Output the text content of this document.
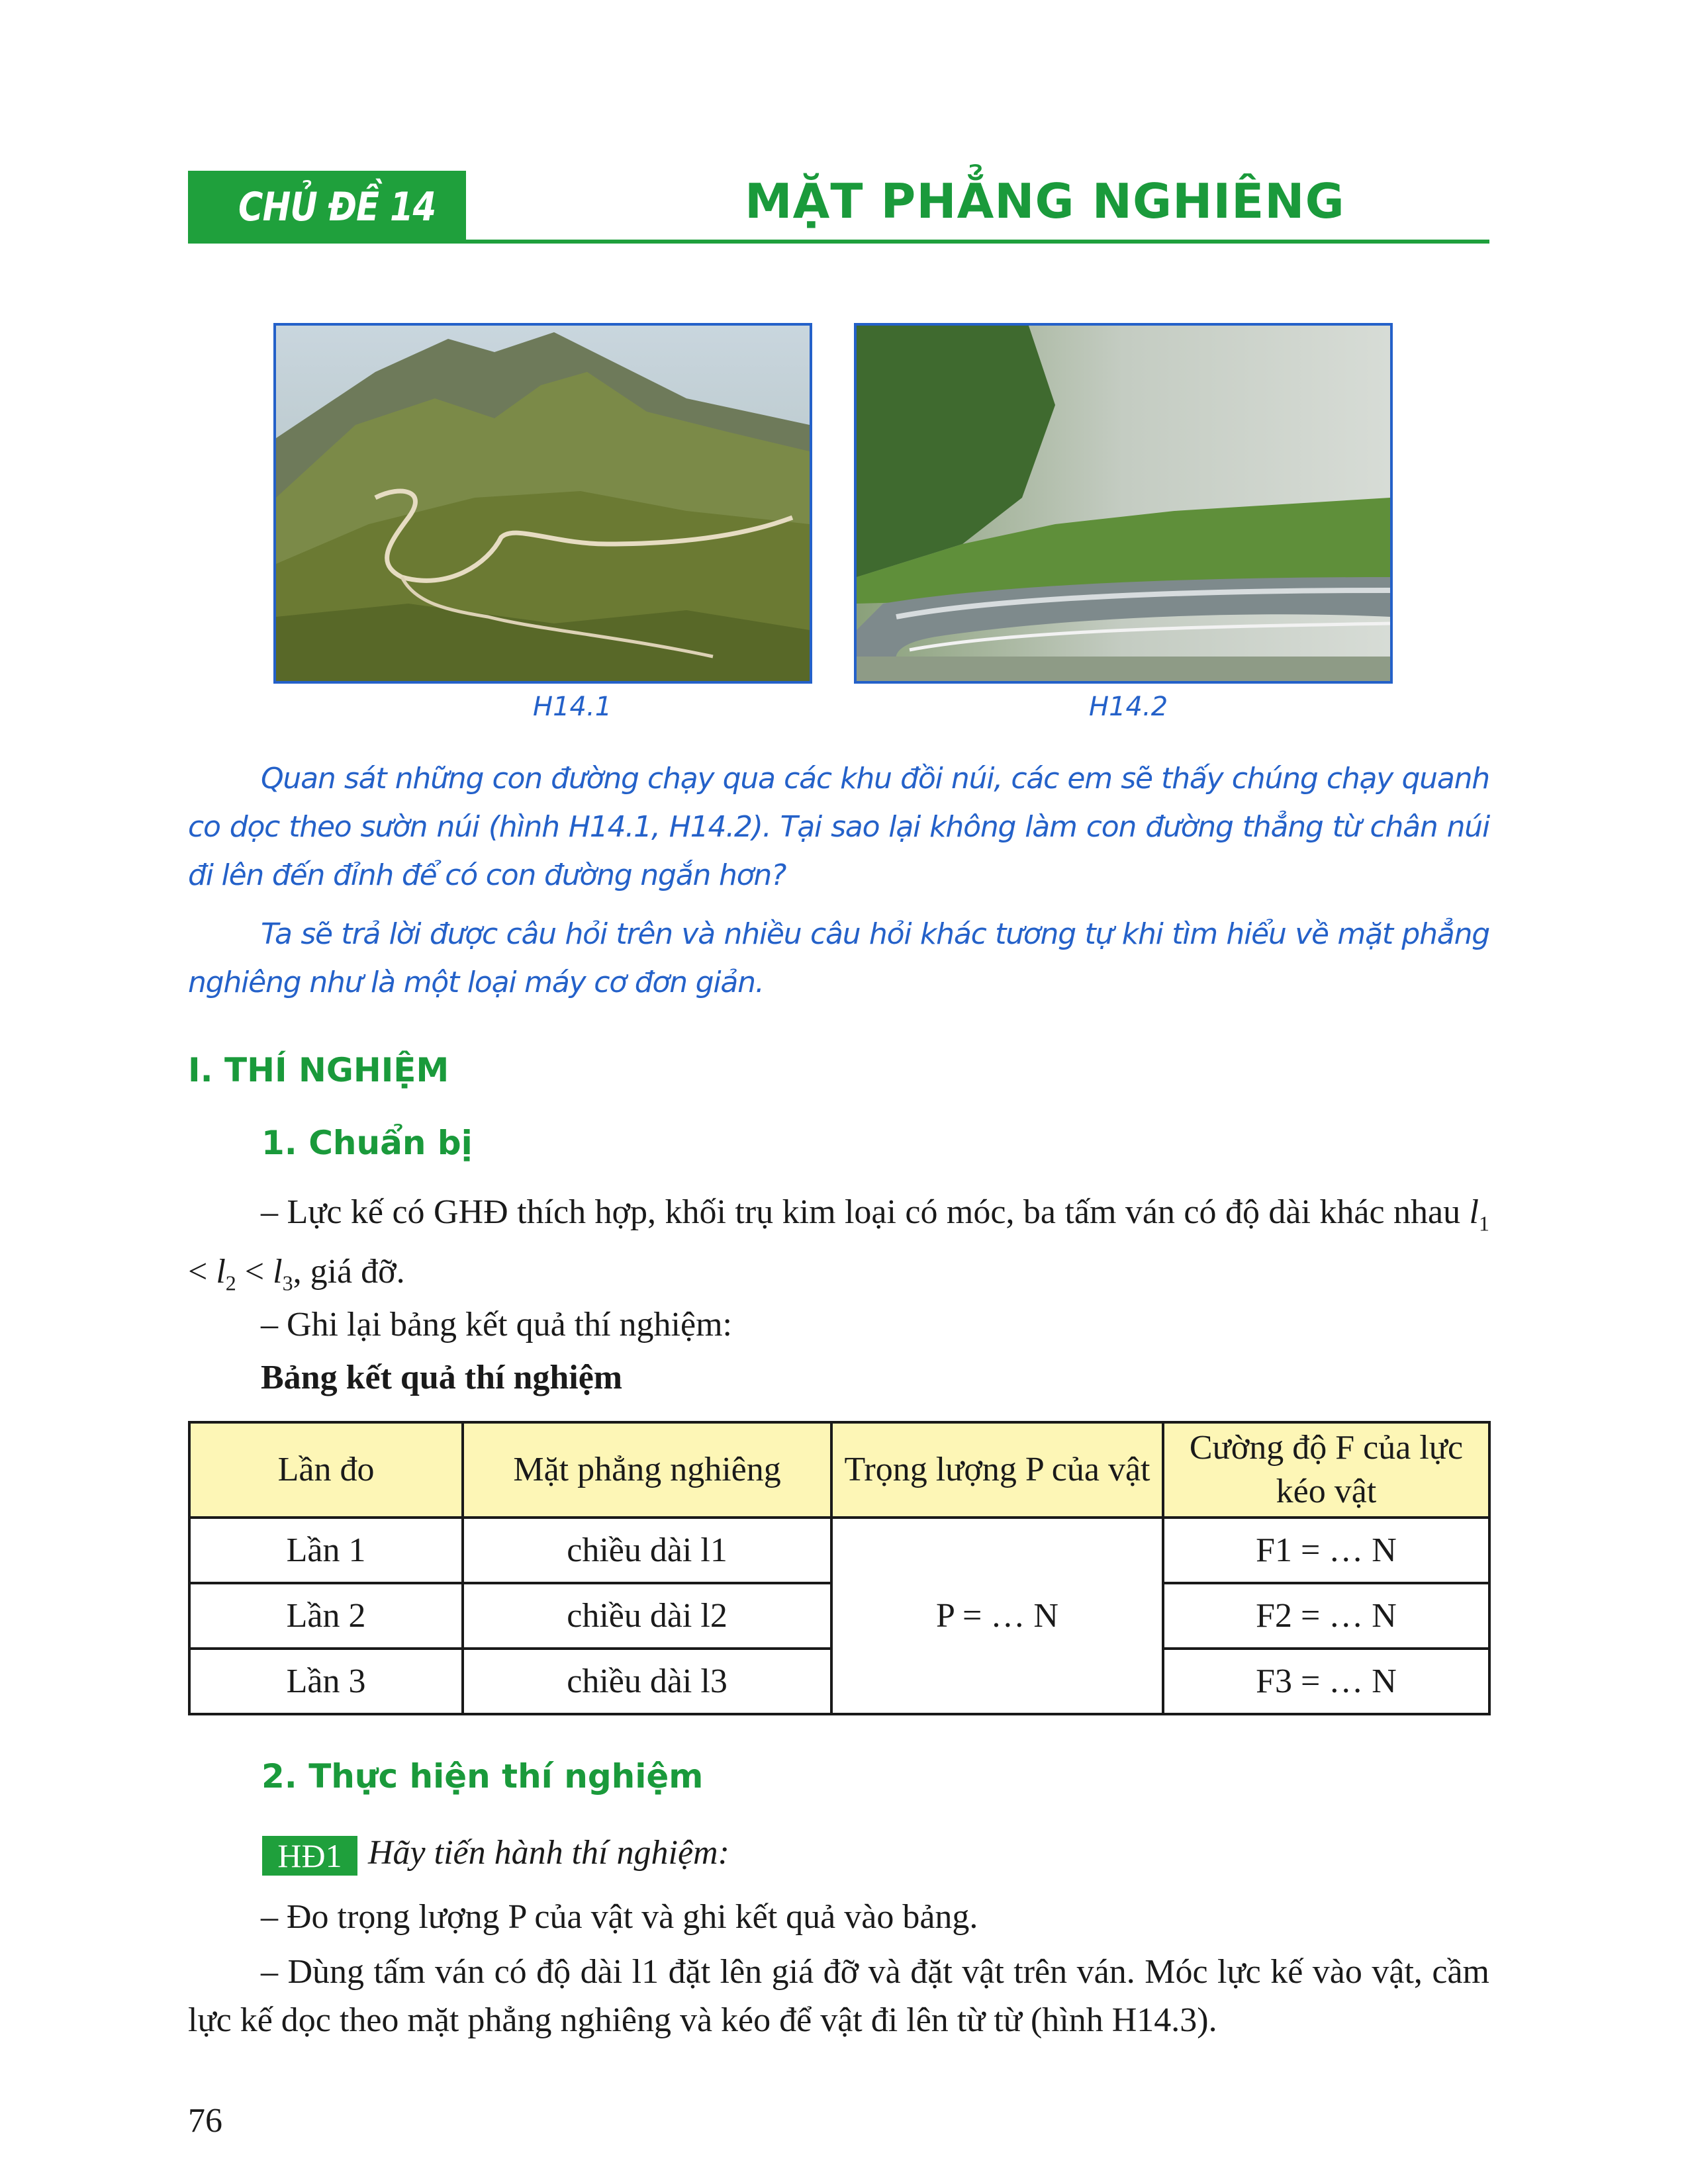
CHỦ ĐỀ 14	MẶT PHẲNG NGHIÊNG
H14.1	H14.2

Quan sát những con đường chạy qua các khu đồi núi, các em sẽ thấy chúng chạy quanh co dọc theo sườn núi (hình H14.1, H14.2). Tại sao lại không làm con đường thẳng từ chân núi đi lên đến đỉnh để có con đường ngắn hơn?

Ta sẽ trả lời được câu hỏi trên và nhiều câu hỏi khác tương tự khi tìm hiểu về mặt phẳng nghiêng như là một loại máy cơ đơn giản.

I. THÍ NGHIỆM
1. Chuẩn bị

– Lực kế có GHĐ thích hợp, khối trụ kim loại có móc, ba tấm ván có độ dài khác nhau $l_1 < l_2 < l_3$, giá đỡ.

– Ghi lại bảng kết quả thí nghiệm:
Bảng kết quả thí nghiệm
Lần đo	Mặt phẳng nghiêng	Trọng lượng P của vật	Cường độ F của lực kéo vật
Lần 1	chiều dài l1	P = … N	F1 = … N
Lần 2	chiều dài l2		F2 = … N
Lần 3	chiều dài l3		F3 = … N
2. Thực hiện thí nghiệm
HĐ1 Hãy tiến hành thí nghiệm:
– Đo trọng lượng P của vật và ghi kết quả vào bảng.

– Dùng tấm ván có độ dài l1 đặt lên giá đỡ và đặt vật trên ván. Móc lực kế vào vật, cầm lực kế dọc theo mặt phẳng nghiêng và kéo để vật đi lên từ từ (hình H14.3).

76
